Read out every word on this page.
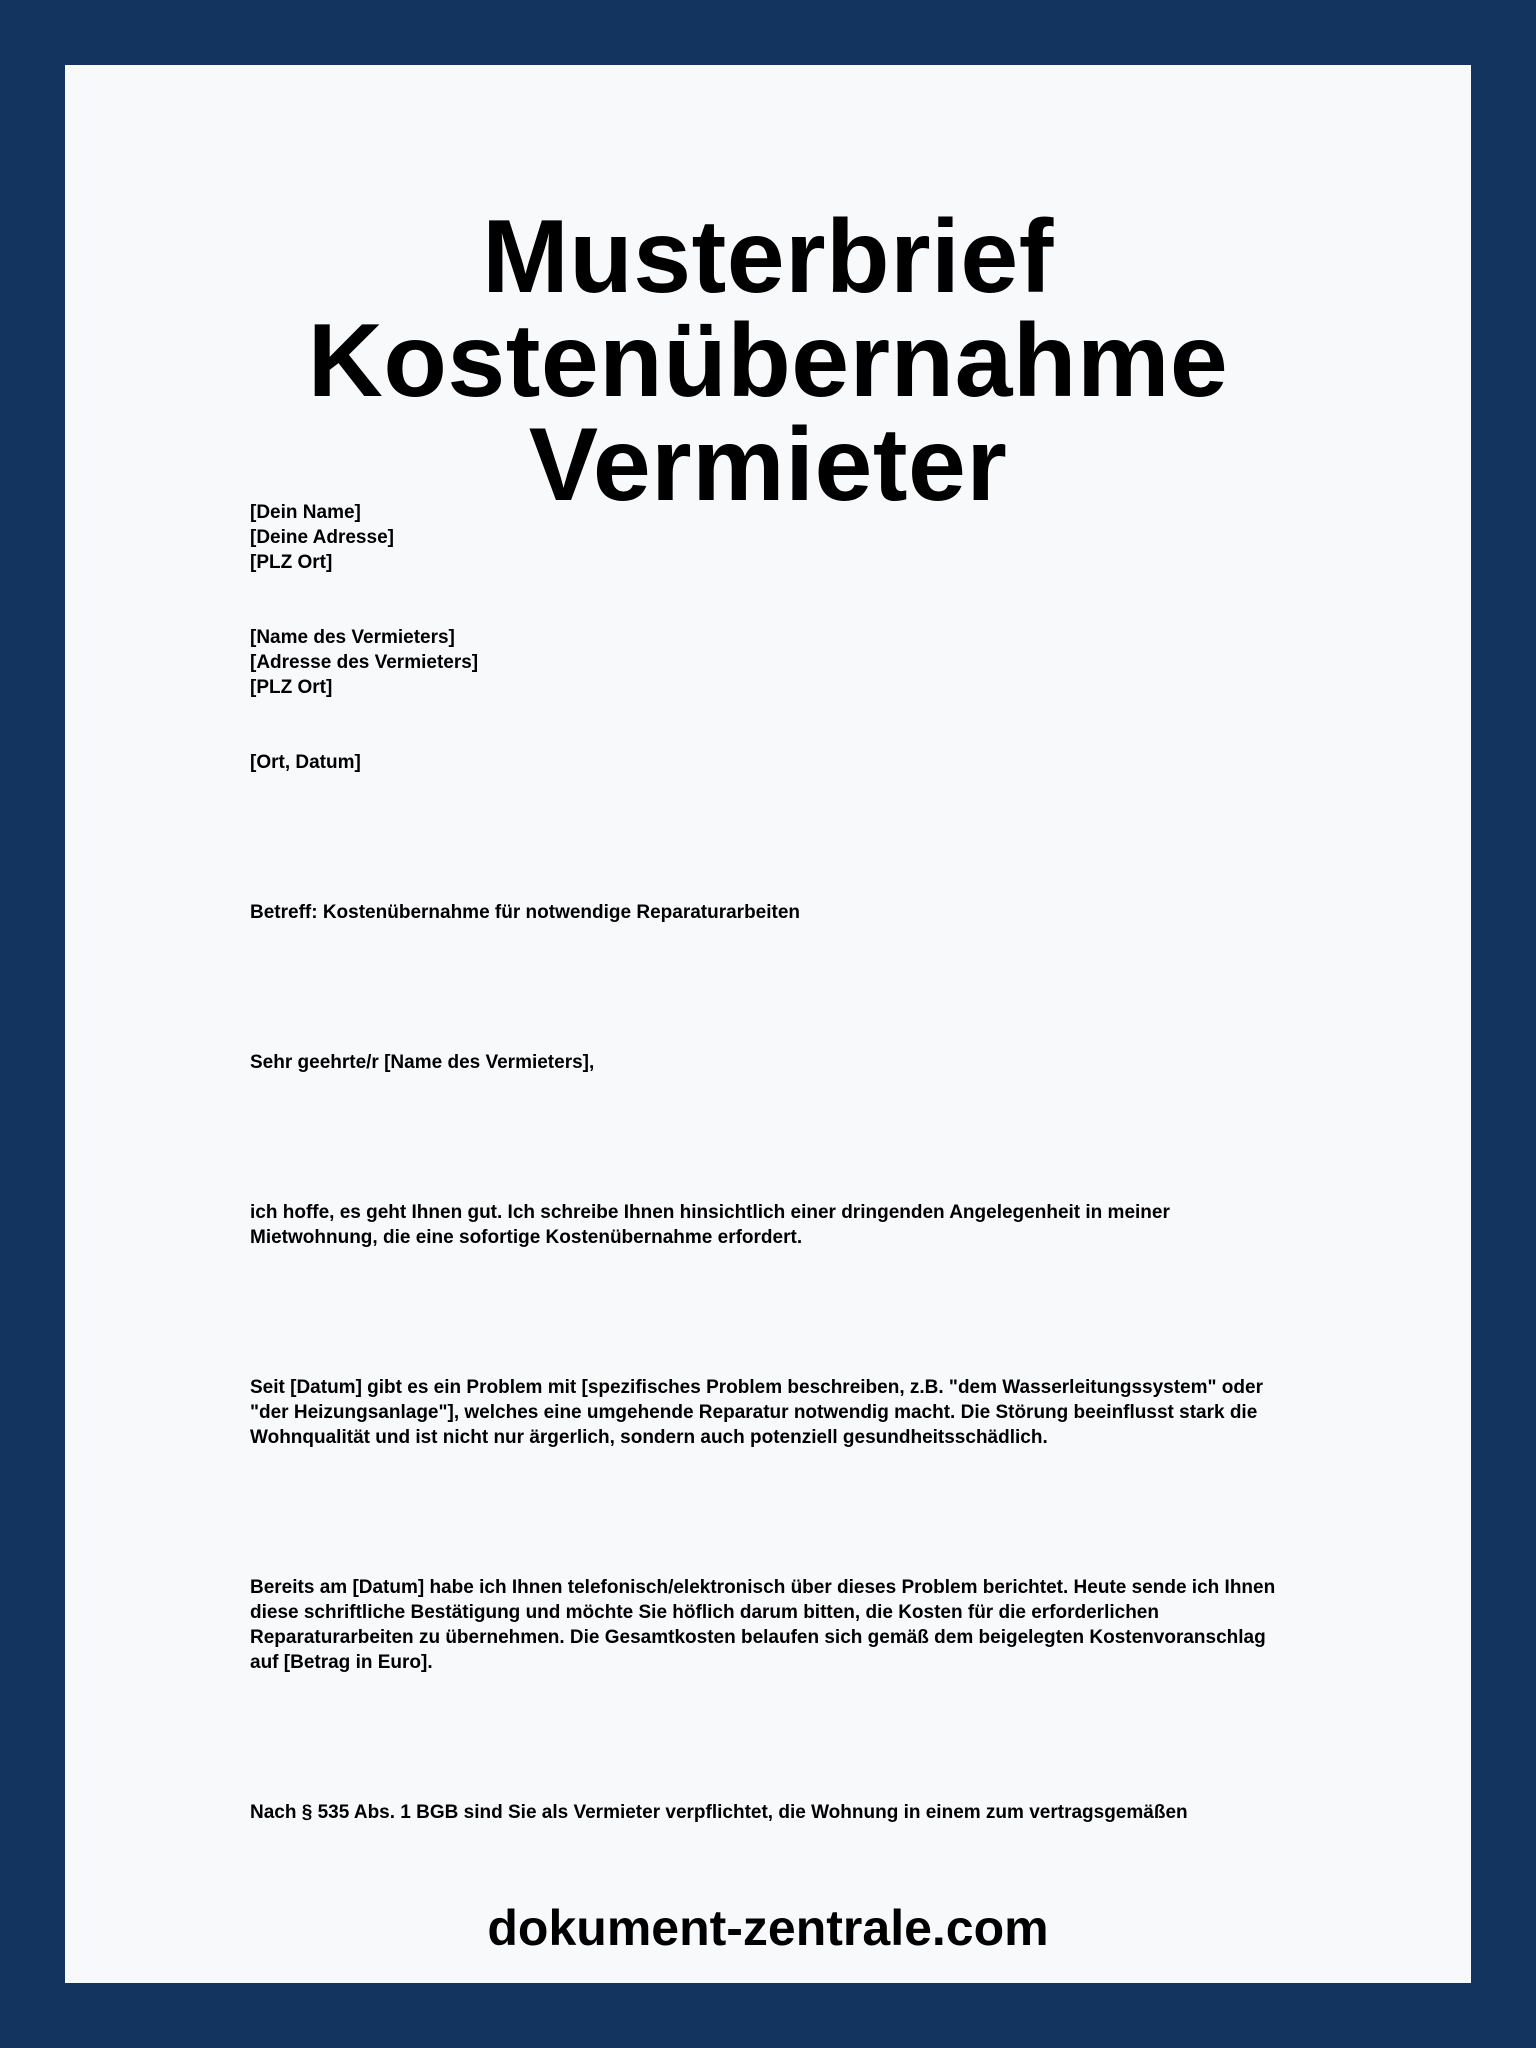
Musterbrief
Kostenübernahme Vermieter
[Dein Name]
[Deine Adresse]
[PLZ Ort]
[Name des Vermieters]
[Adresse des Vermieters]
[PLZ Ort]
[Ort, Datum]
Betreff: Kostenübernahme für notwendige Reparaturarbeiten
Sehr geehrte/r [Name des Vermieters],

ich hoffe, es geht Ihnen gut. Ich schreibe Ihnen hinsichtlich einer dringenden Angelegenheit in meiner Mietwohnung, die eine sofortige Kostenübernahme erfordert.

Seit [Datum] gibt es ein Problem mit [spezifisches Problem beschreiben, z.B. "dem Wasserleitungssystem" oder "der Heizungsanlage"], welches eine umgehende Reparatur notwendig macht. Die Störung beeinflusst stark die Wohnqualität und ist nicht nur ärgerlich, sondern auch potenziell gesundheitsschädlich.

Bereits am [Datum] habe ich Ihnen telefonisch/elektronisch über dieses Problem berichtet. Heute sende ich Ihnen diese schriftliche Bestätigung und möchte Sie höflich darum bitten, die Kosten für die erforderlichen Reparaturarbeiten zu übernehmen. Die Gesamtkosten belaufen sich gemäß dem beigelegten Kostenvoranschlag auf [Betrag in Euro].

Nach § 535 Abs. 1 BGB sind Sie als Vermieter verpflichtet, die Wohnung in einem zum vertragsgemäßen

dokument-zentrale.com
